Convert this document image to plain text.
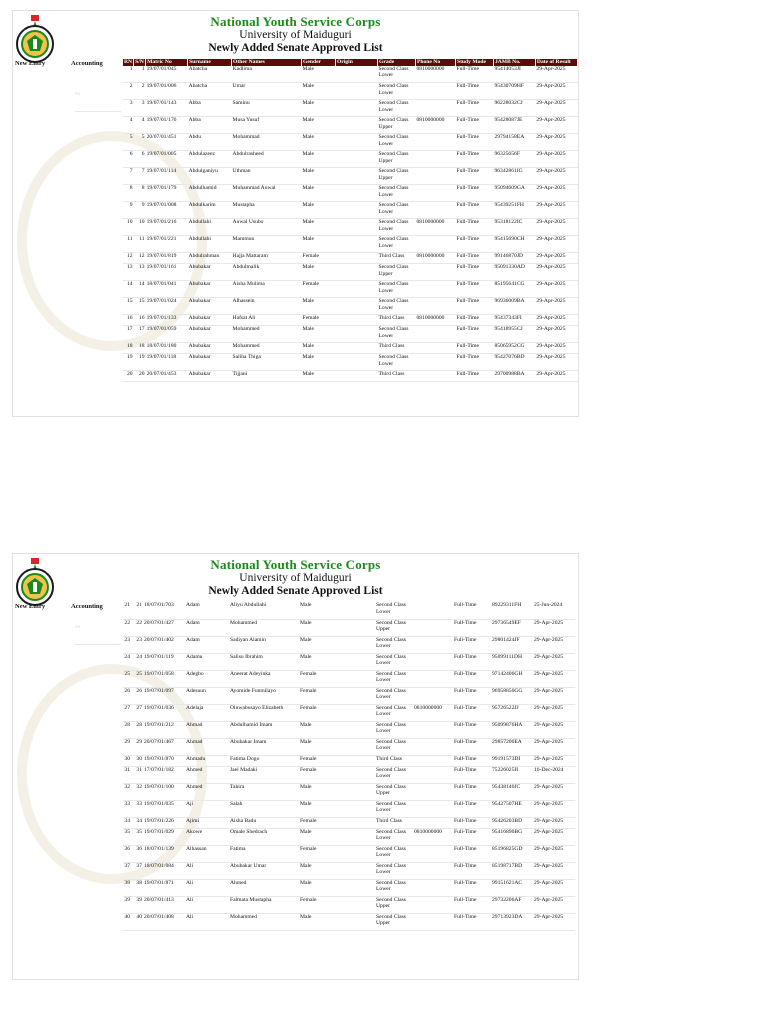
National Youth Service Corps
University of Maiduguri
Newly Added Senate Approved List
New Entry	Accounting
~
RN	S/N	Matric No	Surname	Other Names	Gender	Origin	Grade	Phone No	Study Mode	JAMB No.	Date of Result
1	1	19/07/01/045	Abatcha	Kadlima	Male		Second Class Lower	0810000000	Full-Time	95414053JI	29-Apr-2025
2	2	19/07/01/006	Abatcha	Umar	Male		Second Class Lower		Full-Time	95430709HF	29-Apr-2025
3	3	19/07/01/143	Abba	Saminu	Male		Second Class Lower		Full-Time	96228032CJ	29-Apr-2025
4	4	19/07/01/176	Abba	Musa Yusuf	Male		Second Class Upper	0810000000	Full-Time	95428087JE	29-Apr-2025
5	5	20/07/01/451	Abdu	Mohammad	Male		Second Class Lower		Full-Time	29794158EA	29-Apr-2025
6	6	19/07/01/005	Abdulazeez	Abdulrasheed	Male		Second Class Upper		Full-Time	96325656F	29-Apr-2025
7	7	19/07/01/114	Abdulganiyu	Uthman	Male		Second Class Upper		Full-Time	96342861IG	29-Apr-2025
8	8	19/07/01/179	Abdulhamid	Muhammad Auwal	Male		Second Class Lower		Full-Time	95094609GA	29-Apr-2025
9	9	19/07/01/008	Abdulkarim	Mustapha	Male		Second Class Lower		Full-Time	95439251FH	29-Apr-2025
10	10	19/07/01/216	Abdullahi	Auwal Usubo	Male		Second Class Lower	0810000000	Full-Time	95318122IC	29-Apr-2025
11	11	19/07/01/221	Abdullahi	Mammun	Male		Second Class Lower		Full-Time	95415690CH	29-Apr-2025
12	12	19/07/01/819	Abdulrahman	Hajja Mattaram	Female		Third Class	0810000000	Full-Time	99146870JD	29-Apr-2025
13	13	19/07/01/161	Abubakar	Abdulmalik	Male		Second Class Upper		Full-Time	95091330AD	29-Apr-2025
14	14	18/07/01/041	Abubakar	Aisha Mulima	Female		Second Class Lower		Full-Time	85195641CG	29-Apr-2025
15	15	19/07/01/024	Abubakar	Alhassein	Male		Second Class Lower		Full-Time	96936009BA	29-Apr-2025
16	16	19/07/01/133	Abubakar	Hafsat Ali	Female		Third Class	0810000000	Full-Time	95437343FI	29-Apr-2025
17	17	19/07/01/059	Abubakar	Mohammed	Male		Second Class Lower		Full-Time	95418955CJ	29-Apr-2025
18	18	18/07/01/180	Abubakar	Mohammed	Male		Third Class		Full-Time	85065952CG	29-Apr-2025
19	19	19/07/01/118	Abubakar	Saliha Thiga	Male		Second Class Lower		Full-Time	95427076BD	29-Apr-2025
20	20	20/07/01/453	Abubakar	Tijjani	Male		Third Class		Full-Time	29700988BA	29-Apr-2025
National Youth Service Corps
University of Maiduguri
Newly Added Senate Approved List
New Entry	Accounting
~
21	21	18/07/01/703	Adam	Aliyu Abdullahi	Male		Second Class Lower		Full-Time	89229311FH	25-Jun-2024
22	22	20/07/01/427	Adam	Mohammed	Male		Second Class Upper		Full-Time	29736549EF	29-Apr-2025
23	23	20/07/01/402	Adam	Sadiyan Alamin	Male		Second Class Lower		Full-Time	29801424JF	29-Apr-2025
24	24	19/07/01/119	Adamu	Salisu Ibrahim	Male		Second Class Lower		Full-Time	95099111DH	29-Apr-2025
25	25	19/07/01/058	Adegbo	Aneerat Adeyinka	Female		Second Class Lower		Full-Time	97142406GH	29-Apr-2025
26	26	19/07/01/097	Adesuun	Ayomide Funmilayo	Female		Second Class Lower		Full-Time	96958850GG	29-Apr-2025
27	27	19/07/01/036	Adelaja	Oluwabusayo Elizabeth	Female		Second Class Lower	0810000000	Full-Time	95726522JJ	29-Apr-2025
28	28	19/07/01/212	Ahmad	Abdulhamid Imam	Male		Second Class Lower		Full-Time	95099876HA	29-Apr-2025
29	29	20/07/01/467	Ahmad	Abubakar Imam	Male		Second Class Lower		Full-Time	29857200EA	29-Apr-2025
30	30	19/07/01/870	Ahmadu	Fatima Dogo	Female		Third Class		Full-Time	99191573DI	29-Apr-2025
31	31	17/07/01/182	Ahmed	Jael Madaki	Female		Second Class Lower		Full-Time	75226025II	16-Dec-2024
32	32	19/07/01/100	Ahmed	Tahira	Male		Second Class Upper		Full-Time	95438140JC	29-Apr-2025
33	33	19/07/01/035	Aji	Salah	Male		Second Class Lower		Full-Time	95427507HE	29-Apr-2025
34	34	19/07/01/226	Ajimi	Aisha Badu	Female		Third Class		Full-Time	95426203BD	29-Apr-2025
35	35	19/07/01/029	Akowe	Omale Shedrach	Male		Second Class Lower	0810000000	Full-Time	95416890BG	29-Apr-2025
36	36	18/07/01/139	Alhassan	Fatima	Female		Second Class Lower		Full-Time	85196825GD	29-Apr-2025
37	37	18/07/01/084	Ali	Abubakar Umar	Male		Second Class Lower		Full-Time	85198717BD	29-Apr-2025
38	38	19/07/01/871	Ali	Ahmed	Male		Second Class Lower		Full-Time	99151621AC	29-Apr-2025
39	39	20/07/01/413	Ali	Falmata Mustapha	Female		Second Class Upper		Full-Time	29732206AF	29-Apr-2025
40	40	20/07/01/408	Ali	Mohammed	Male		Second Class Upper		Full-Time	29713923DA	29-Apr-2025
